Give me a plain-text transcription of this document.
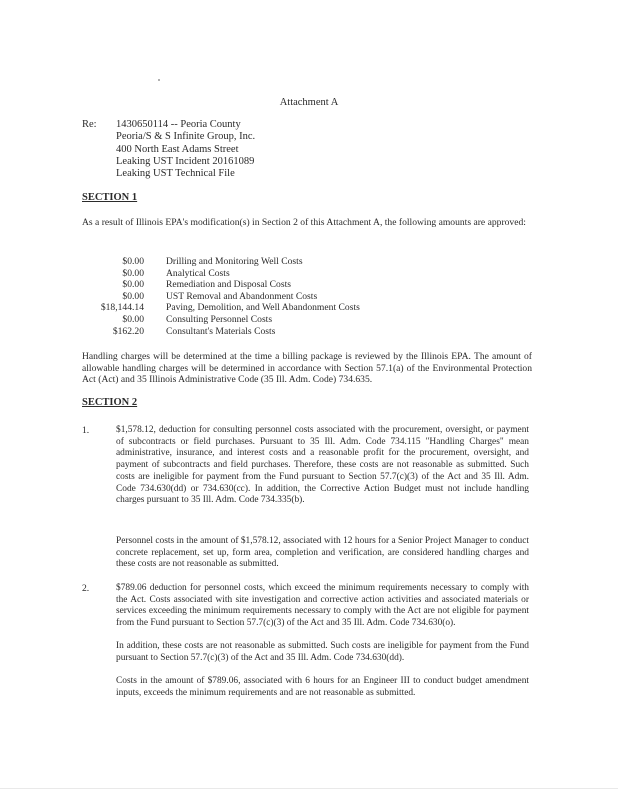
Attachment A
Re: 1430650114 -- Peoria County
Peoria/S & S Infinite Group, Inc.
400 North East Adams Street
Leaking UST Incident 20161089
Leaking UST Technical File
SECTION 1
As a result of Illinois EPA's modification(s) in Section 2 of this Attachment A, the following amounts are approved:
$0.00 Drilling and Monitoring Well Costs
$0.00 Analytical Costs
$0.00 Remediation and Disposal Costs
$0.00 UST Removal and Abandonment Costs
$18,144.14 Paving, Demolition, and Well Abandonment Costs
$0.00 Consulting Personnel Costs
$162.20 Consultant's Materials Costs
Handling charges will be determined at the time a billing package is reviewed by the Illinois EPA. The amount of allowable handling charges will be determined in accordance with Section 57.1(a) of the Environmental Protection Act (Act) and 35 Illinois Administrative Code (35 Ill. Adm. Code) 734.635.
SECTION 2
1.	$1,578.12, deduction for consulting personnel costs associated with the procurement, oversight, or payment of subcontracts or field purchases. Pursuant to 35 Ill. Adm. Code 734.115 "Handling Charges" mean administrative, insurance, and interest costs and a reasonable profit for the procurement, oversight, and payment of subcontracts and field purchases. Therefore, these costs are not reasonable as submitted. Such costs are ineligible for payment from the Fund pursuant to Section 57.7(c)(3) of the Act and 35 Ill. Adm. Code 734.630(dd) or 734.630(cc). In addition, the Corrective Action Budget must not include handling charges pursuant to 35 Ill. Adm. Code 734.335(b).
Personnel costs in the amount of $1,578.12, associated with 12 hours for a Senior Project Manager to conduct concrete replacement, set up, form area, completion and verification, are considered handling charges and these costs are not reasonable as submitted.
2.	$789.06 deduction for personnel costs, which exceed the minimum requirements necessary to comply with the Act. Costs associated with site investigation and corrective action activities and associated materials or services exceeding the minimum requirements necessary to comply with the Act are not eligible for payment from the Fund pursuant to Section 57.7(c)(3) of the Act and 35 Ill. Adm. Code 734.630(o).
In addition, these costs are not reasonable as submitted. Such costs are ineligible for payment from the Fund pursuant to Section 57.7(c)(3) of the Act and 35 Ill. Adm. Code 734.630(dd).
Costs in the amount of $789.06, associated with 6 hours for an Engineer III to conduct budget amendment inputs, exceeds the minimum requirements and are not reasonable as submitted.
